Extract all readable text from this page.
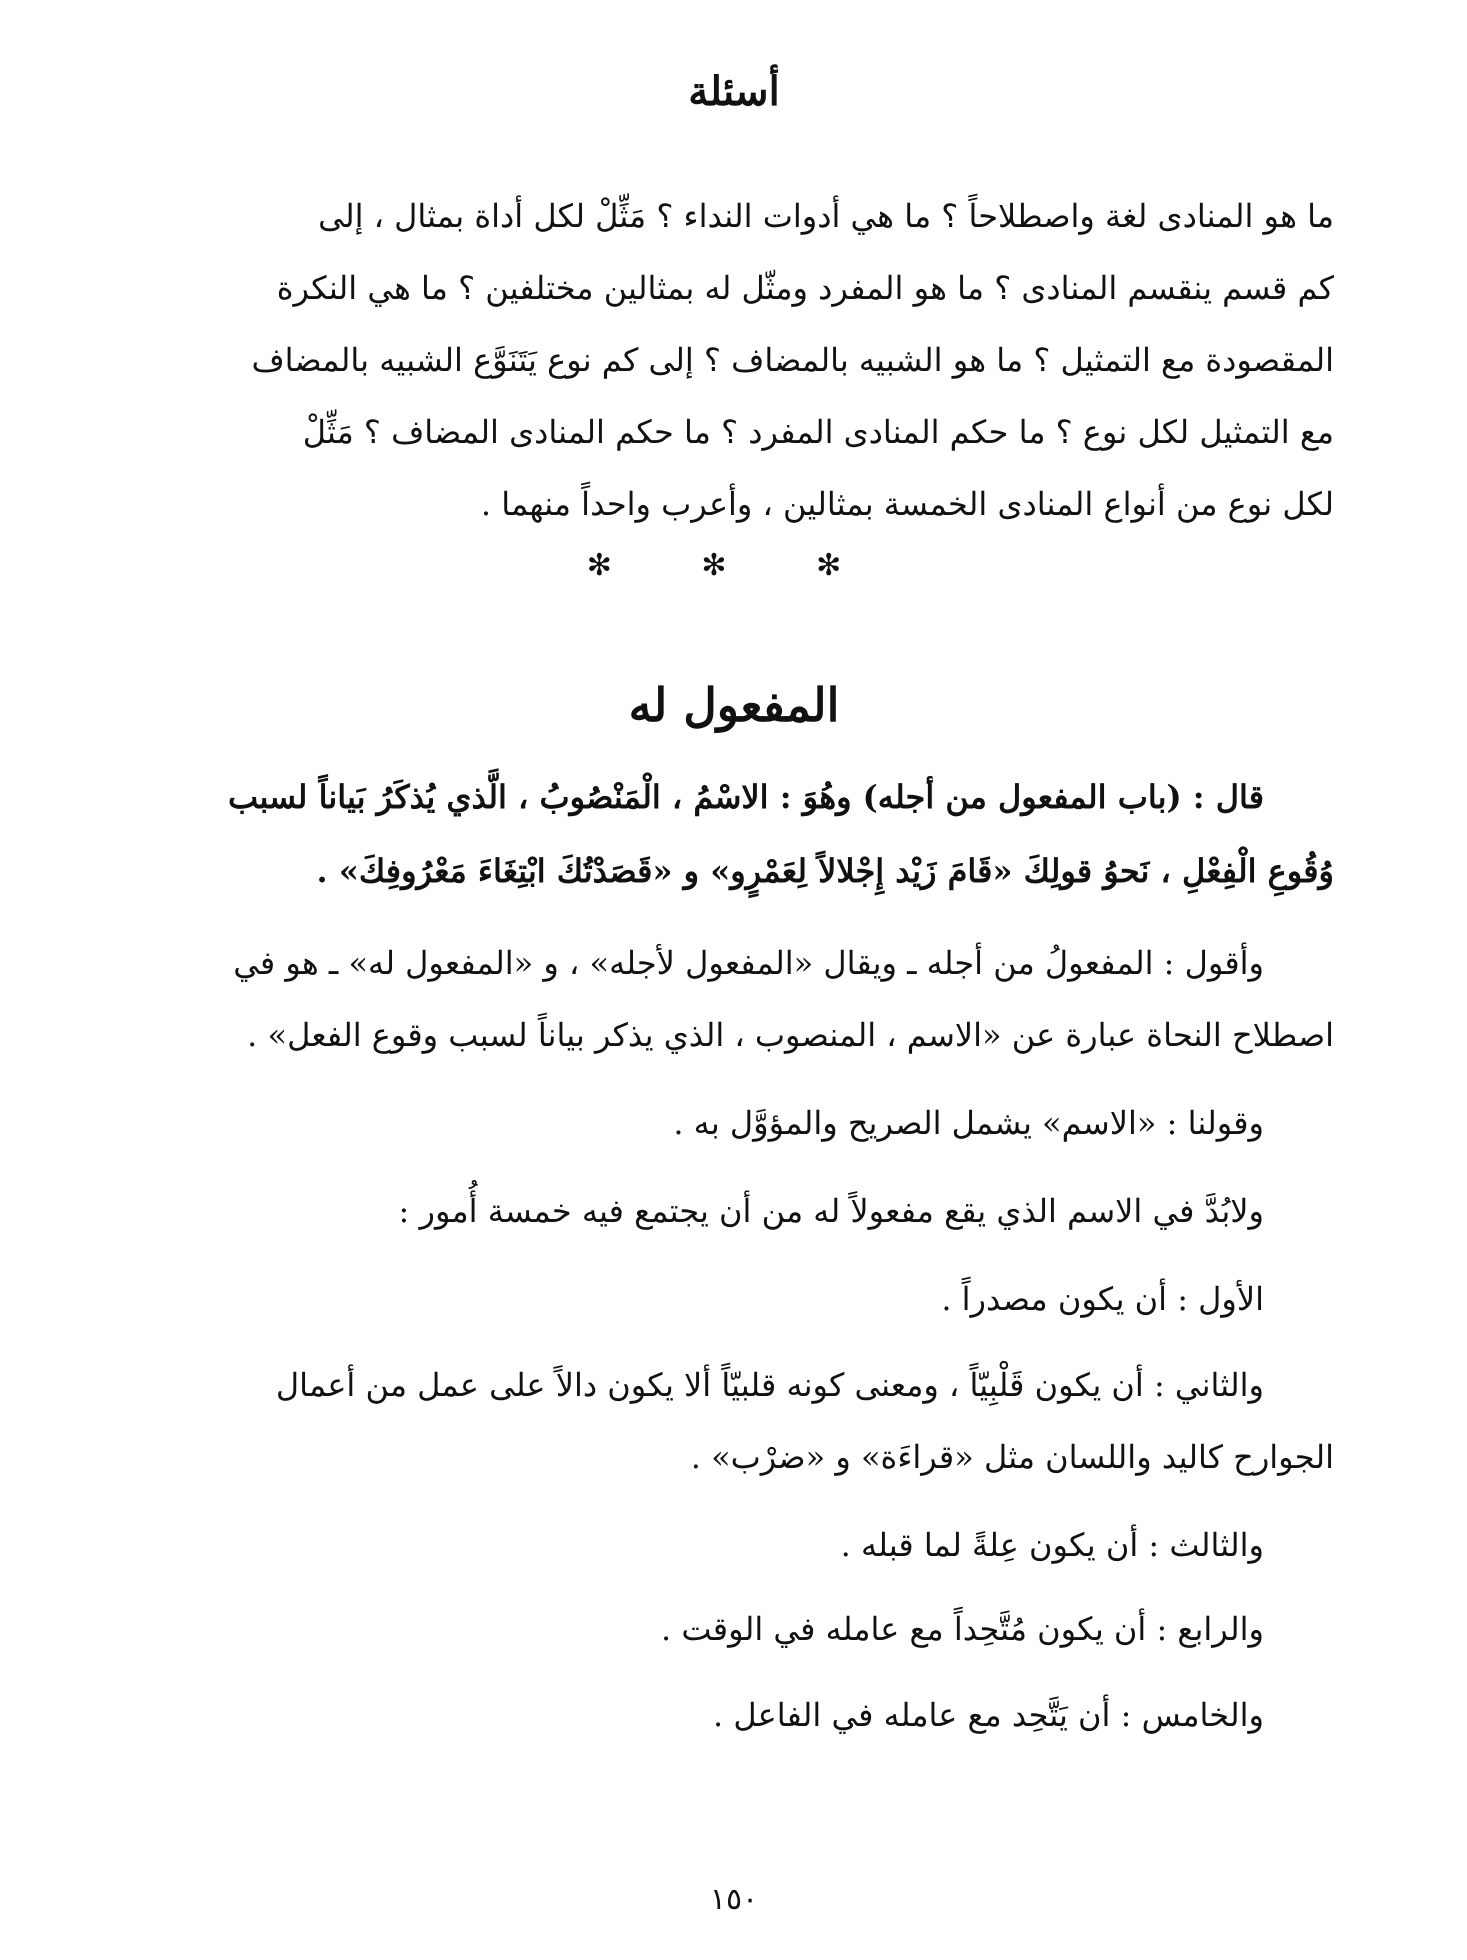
أسئلة
ما هو المنادى لغة واصطلاحاً ؟ ما هي أدوات النداء ؟ مَثِّلْ لكل أداة بمثال ، إلى
كم قسم ينقسم المنادى ؟ ما هو المفرد ومثّل له بمثالين مختلفين ؟ ما هي النكرة
المقصودة مع التمثيل ؟ ما هو الشبيه بالمضاف ؟ إلى كم نوع يَتَنَوَّع الشبيه بالمضاف
مع التمثيل لكل نوع ؟ ما حكم المنادى المفرد ؟ ما حكم المنادى المضاف ؟ مَثِّلْ
لكل نوع من أنواع المنادى الخمسة بمثالين ، وأعرب واحداً منهما .
✻ ✻ ✻
المفعول له
قال : (باب المفعول من أجله) وهُوَ : الاسْمُ ، الْمَنْصُوبُ ، الَّذي يُذكَرُ بَياناً لسبب
وُقُوعِ الْفِعْلِ ، نَحوُ قولِكَ «قَامَ زَيْد إِجْلالاً لِعَمْرٍو» و «قَصَدْتُكَ ابْتِغَاءَ مَعْرُوفِكَ» .
وأقول : المفعولُ من أجله ـ ويقال «المفعول لأجله» ، و «المفعول له» ـ هو في
اصطلاح النحاة عبارة عن «الاسم ، المنصوب ، الذي يذكر بياناً لسبب وقوع الفعل» .
وقولنا : «الاسم» يشمل الصريح والمؤوَّل به .
ولابُدَّ في الاسم الذي يقع مفعولاً له من أن يجتمع فيه خمسة أُمور :
الأول : أن يكون مصدراً .
والثاني : أن يكون قَلْبِيّاً ، ومعنى كونه قلبيّاً ألا يكون دالاً على عمل من أعمال
الجوارح كاليد واللسان مثل «قراءَة» و «ضرْب» .
والثالث : أن يكون عِلةً لما قبله .
والرابع : أن يكون مُتَّحِداً مع عامله في الوقت .
والخامس : أن يَتَّحِد مع عامله في الفاعل .
١٥٠
